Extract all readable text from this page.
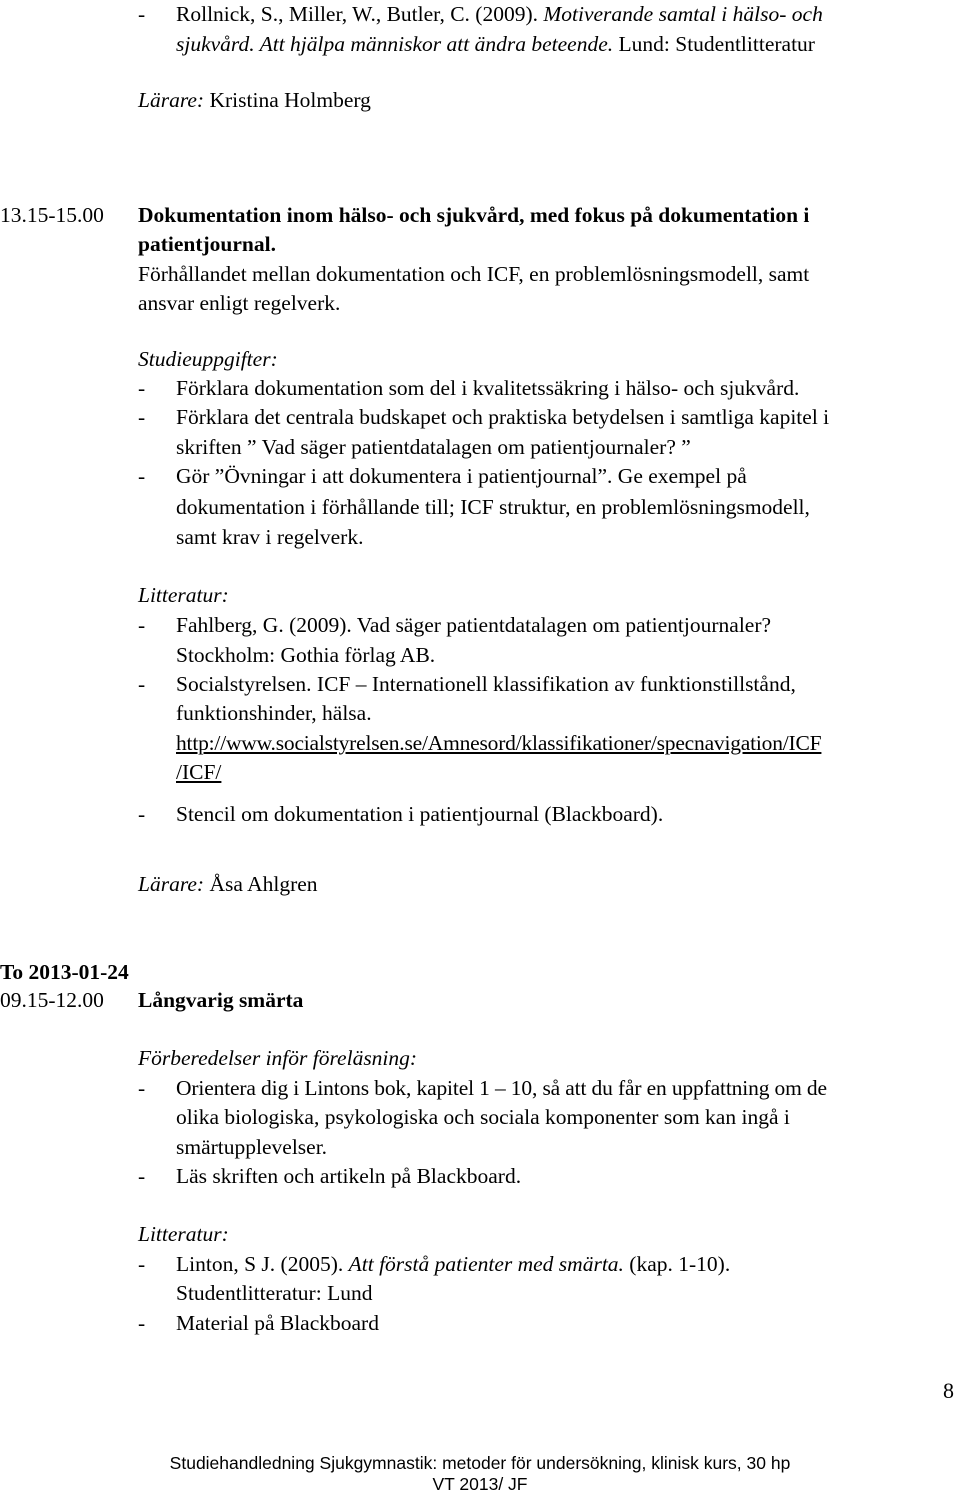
- Rollnick, S., Miller, W., Butler, C. (2009). Motiverande samtal i hälso- och
sjukvård. Att hjälpa människor att ändra beteende. Lund: Studentlitteratur
Lärare: Kristina Holmberg
13.15-15.00 Dokumentation inom hälso- och sjukvård, med fokus på dokumentation i
patientjournal.
Förhållandet mellan dokumentation och ICF, en problemlösningsmodell, samt
ansvar enligt regelverk.
Studieuppgifter:
- Förklara dokumentation som del i kvalitetssäkring i hälso- och sjukvård.
- Förklara det centrala budskapet och praktiska betydelsen i samtliga kapitel i
skriften ” Vad säger patientdatalagen om patientjournaler? ”
- Gör ”Övningar i att dokumentera i patientjournal”. Ge exempel på
dokumentation i förhållande till; ICF struktur, en problemlösningsmodell,
samt krav i regelverk.
Litteratur:
- Fahlberg, G. (2009). Vad säger patientdatalagen om patientjournaler?
Stockholm: Gothia förlag AB.
- Socialstyrelsen. ICF – Internationell klassifikation av funktionstillstånd,
funktionshinder, hälsa.
http://www.socialstyrelsen.se/Amnesord/klassifikationer/specnavigation/ICF
/ICF/
- Stencil om dokumentation i patientjournal (Blackboard).
Lärare: Åsa Ahlgren
To 2013-01-24
09.15-12.00 Långvarig smärta
Förberedelser inför föreläsning:
- Orientera dig i Lintons bok, kapitel 1 – 10, så att du får en uppfattning om de
olika biologiska, psykologiska och sociala komponenter som kan ingå i
smärtupplevelser.
- Läs skriften och artikeln på Blackboard.
Litteratur:
- Linton, S J. (2005). Att förstå patienter med smärta. (kap. 1-10).
Studentlitteratur: Lund
- Material på Blackboard
8
Studiehandledning Sjukgymnastik: metoder för undersökning, klinisk kurs, 30 hp
VT 2013/ JF
